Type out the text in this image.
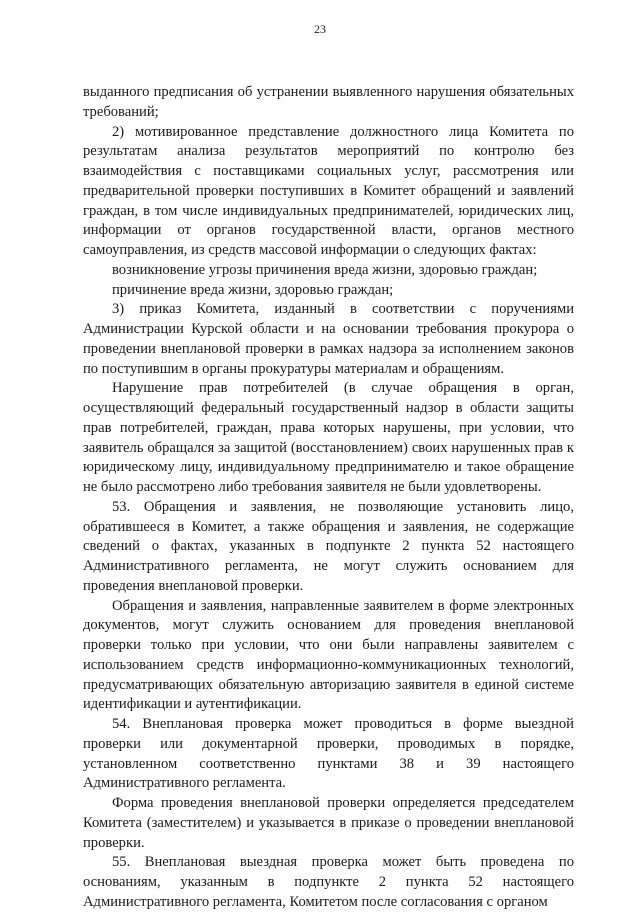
23

выданного предписания об устранении выявленного нарушения обязательных требований;

2) мотивированное представление должностного лица Комитета по результатам анализа результатов мероприятий по контролю без взаимодействия с поставщиками социальных услуг, рассмотрения или предварительной проверки поступивших в Комитет обращений и заявлений граждан, в том числе индивидуальных предпринимателей, юридических лиц, информации от органов государственной власти, органов местного самоуправления, из средств массовой информации о следующих фактах:

возникновение угрозы причинения вреда жизни, здоровью граждан;

причинение вреда жизни, здоровью граждан;

3) приказ Комитета, изданный в соответствии с поручениями Администрации Курской области и на основании требования прокурора о проведении внеплановой проверки в рамках надзора за исполнением законов по поступившим в органы прокуратуры материалам и обращениям.

Нарушение прав потребителей (в случае обращения в орган, осуществляющий федеральный государственный надзор в области защиты прав потребителей, граждан, права которых нарушены, при условии, что заявитель обращался за защитой (восстановлением) своих нарушенных прав к юридическому лицу, индивидуальному предпринимателю и такое обращение не было рассмотрено либо требования заявителя не были удовлетворены.

53. Обращения и заявления, не позволяющие установить лицо, обратившееся в Комитет, а также обращения и заявления, не содержащие сведений о фактах, указанных в подпункте 2 пункта 52 настоящего Административного регламента, не могут служить основанием для проведения внеплановой проверки.

Обращения и заявления, направленные заявителем в форме электронных документов, могут служить основанием для проведения внеплановой проверки только при условии, что они были направлены заявителем с использованием средств информационно-коммуникационных технологий, предусматривающих обязательную авторизацию заявителя в единой системе идентификации и аутентификации.

54. Внеплановая проверка может проводиться в форме выездной проверки или документарной проверки, проводимых в порядке, установленном соответственно пунктами 38 и 39 настоящего Административного регламента.

Форма проведения внеплановой проверки определяется председателем Комитета (заместителем) и указывается в приказе о проведении внеплановой проверки.

55. Внеплановая выездная проверка может быть проведена по основаниям, указанным в подпункте 2 пункта 52 настоящего Административного регламента, Комитетом после согласования с органом
